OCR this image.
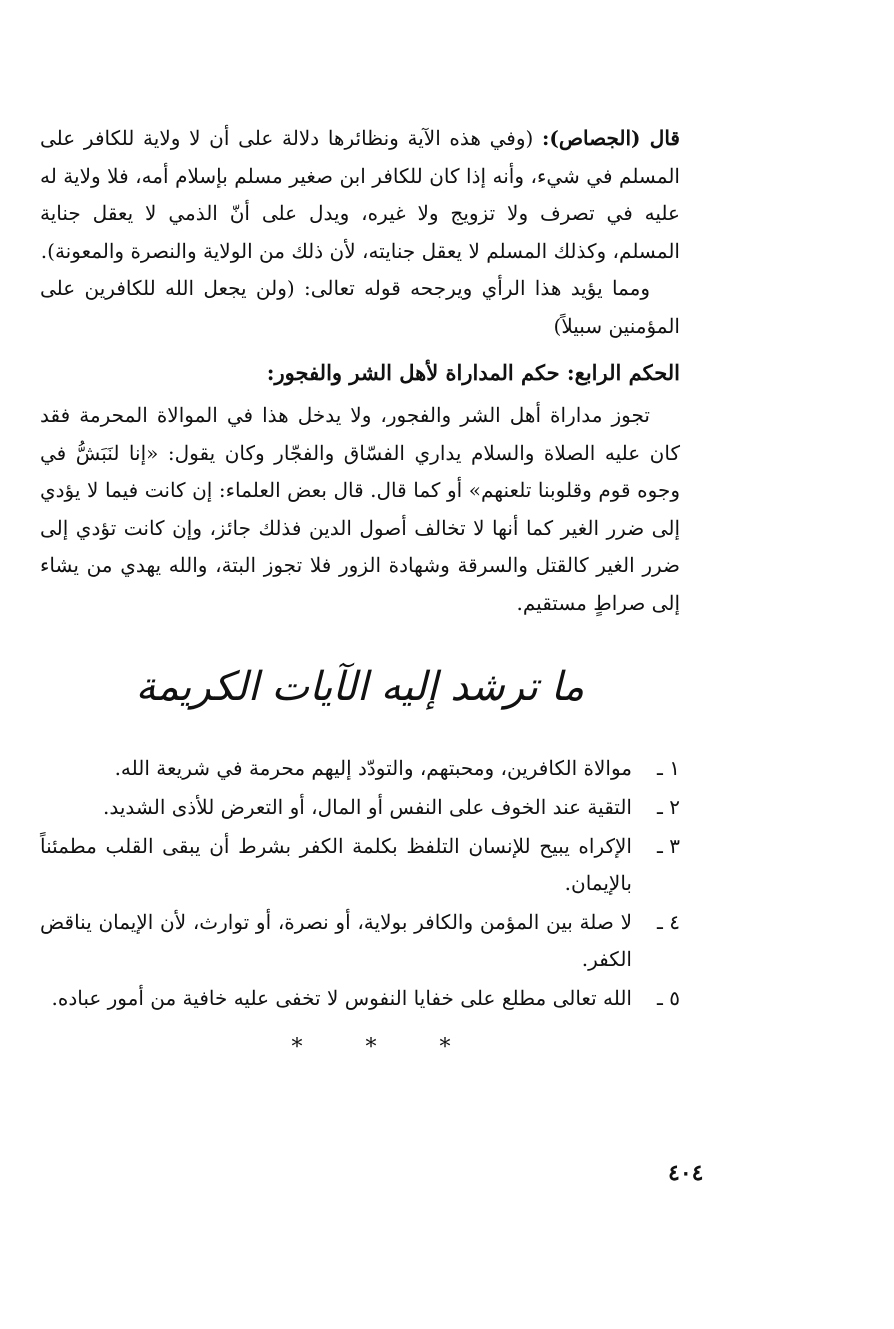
قال (الجصاص): (وفي هذه الآية ونظائرها دلالة على أن لا ولاية للكافر على المسلم في شيء، وأنه إذا كان للكافر ابن صغير مسلم بإسلام أمه، فلا ولاية له عليه في تصرف ولا تزويج ولا غيره، ويدل على أنّ الذمي لا يعقل جناية المسلم، وكذلك المسلم لا يعقل جنايته، لأن ذلك من الولاية والنصرة والمعونة).

ومما يؤيد هذا الرأي ويرجحه قوله تعالى: (ولن يجعل الله للكافرين على المؤمنين سبيلاً)

الحكم الرابع: حكم المداراة لأهل الشر والفجور:

تجوز مداراة أهل الشر والفجور، ولا يدخل هذا في الموالاة المحرمة فقد كان عليه الصلاة والسلام يداري الفسّاق والفجّار وكان يقول: «إنا لنَبَشُّ في وجوه قوم وقلوبنا تلعنهم» أو كما قال. قال بعض العلماء: إن كانت فيما لا يؤدي إلى ضرر الغير كما أنها لا تخالف أصول الدين فذلك جائز، وإن كانت تؤدي إلى ضرر الغير كالقتل والسرقة وشهادة الزور فلا تجوز البتة، والله يهدي من يشاء إلى صراطٍ مستقيم.

ما ترشد إليه الآيات الكريمة
١ ـ
موالاة الكافرين، ومحبتهم، والتودّد إليهم محرمة في شريعة الله.
٢ ـ
التقية عند الخوف على النفس أو المال، أو التعرض للأذى الشديد.
٣ ـ
الإكراه يبيح للإنسان التلفظ بكلمة الكفر بشرط أن يبقى القلب مطمئناً بالإيمان.
٤ ـ
لا صلة بين المؤمن والكافر بولاية، أو نصرة، أو توارث، لأن الإيمان يناقض الكفر.
٥ ـ
الله تعالى مطلع على خفايا النفوس لا تخفى عليه خافية من أمور عباده.
* * *
٤٠٤
